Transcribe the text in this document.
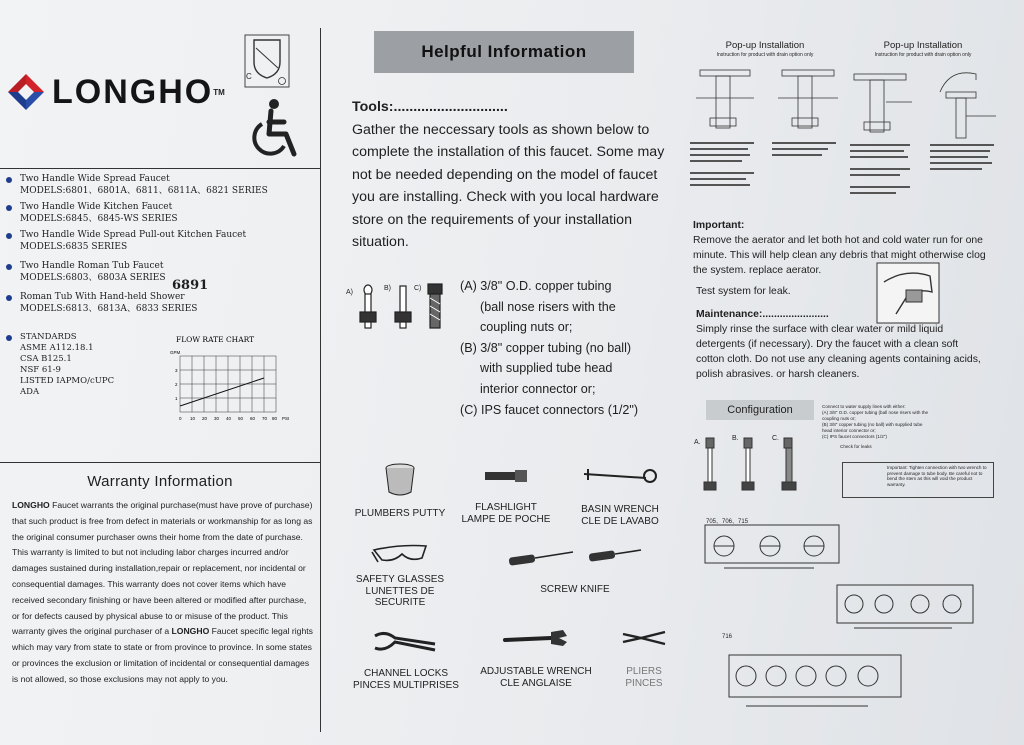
LONGHO TM
C
Two Handle Wide Spread Faucet
MODELS:6801、6801A、6811、6811A、6821 SERIES
Two Handle Wide Kitchen Faucet
MODELS:6845、6845-WS SERIES
Two Handle Wide Spread Pull-out Kitchen Faucet
MODELS:6835 SERIES
Two Handle Roman Tub Faucet
MODELS:6803、6803A SERIES
Roman Tub With Hand-held Shower
MODELS:6813、6813A、6833 SERIES
6891
STANDARDS
ASME A112.18.1
CSA B125.1
NSF 61-9
LISTED IAPMO/cUPC
ADA
FLOW RATE CHART
GPM
PSI
1
2
3
0 10 20 30 40 50 60 70 80
Warranty Information
LONGHO Faucet warrants the original purchase(must have prove of purchase) that such product is free from defect in materials or workmanship for as long as the original consumer purchaser owns their home from the date of purchase. This warranty is limited to but not including labor charges incurred and/or damages sustained during installation,repair or replacement, nor incidental or consequential damages. This warranty does not cover items which have received secondary finishing or have been altered or modified after purchase, or for defects caused by physical abuse to or misuse of the product. This warranty gives the original purchaser of a LONGHO Faucet specific legal rights which may vary from state to state or from province to province. In some states or provinces the exclusion or limitation of incidental or consequential damages is not allowed, so those exclusions may not apply to you.
Helpful Information
Tools:.............................
Gather the neccessary tools as shown below to complete the installation of this faucet. Some may not be needed depending on the model of faucet you are installing. Check with you local hardware store on the requirements of your installation situation.
A)
B)	C)	(A) 3/8" O.D. copper tubing
(ball nose risers with the
coupling nuts or;
(B) 3/8" copper tubing (no ball)
with supplied tube head
interior connector or;
(C) IPS faucet connectors (1/2")
PLUMBERS PUTTY
FLASHLIGHT
LAMPE DE POCHE
BASIN WRENCH
CLE DE LAVABO
SAFETY GLASSES
LUNETTES DE SECURITE
SCREW KNIFE
CHANNEL LOCKS
PINCES MULTIPRISES
ADJUSTABLE WRENCH
CLE ANGLAISE
PLIERS
PINCES
Pop-up Installation
Instruction for product with drain option only
Pop-up Installation
Instruction for product with drain option only
Important:
Remove the aerator and let both hot and cold water run for one minute. This will help clean any debris that might otherwise clog the system. replace aerator.
Test system for leak.
Maintenance:.......................
Simply rinse the surface with clear water or mild liquid detergents (if necessary). Dry the faucet with a clean soft cotton cloth. Do not use any cleaning agents containing acids, polish abrasives. or harsh cleaners.
Configuration	Connect to water supply lines with either:
(A) 3/8" O.D. copper tubing (ball nose risers with the coupling nuts or;
(B) 3/8" copper tubing (no ball) with supplied tube head interior connector or;
(C) IPS faucet connectors (1/2")
Check for leaks
A.
B.	C.
Important: Tighten connection with two wrench to prevent damage to tube body. Be careful not to bend the stem as this will void the product warranty.
705、706、715
716
